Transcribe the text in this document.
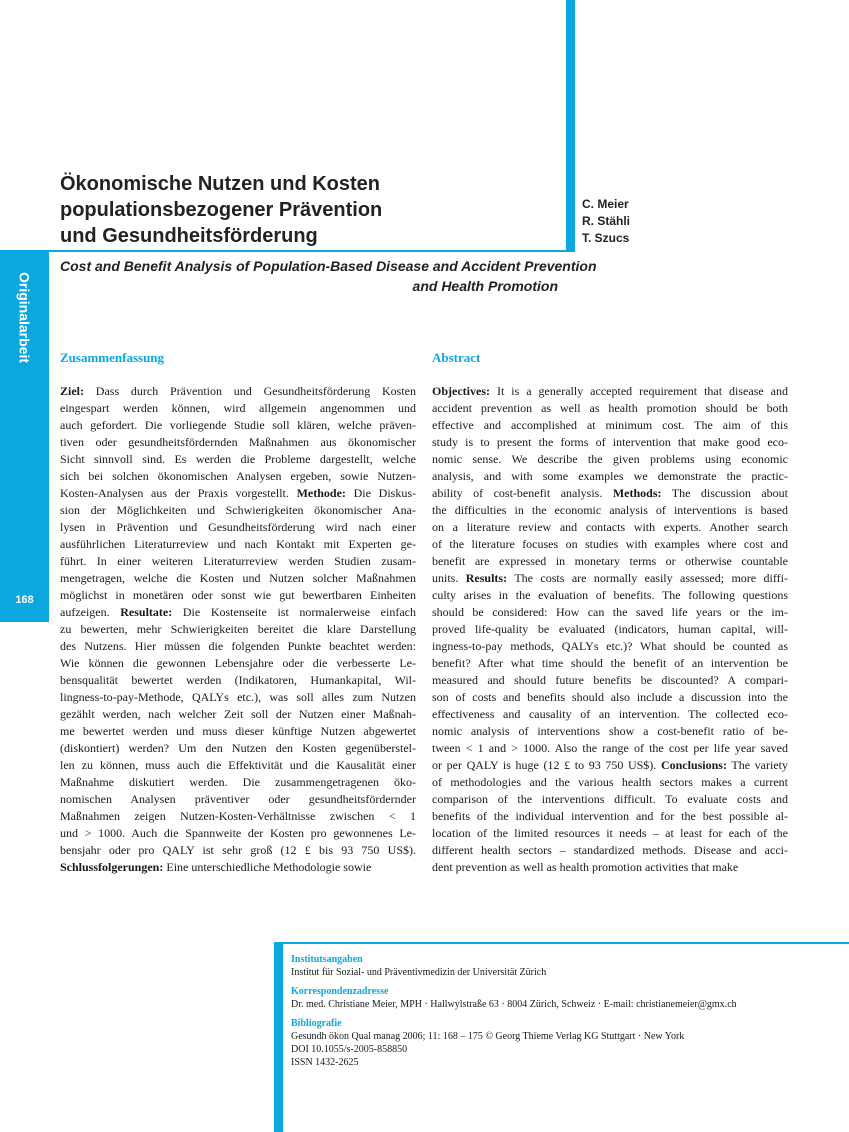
Originalarbeit
168
Ökonomische Nutzen und Kosten
populationsbezogener Prävention
und Gesundheitsförderung
C. Meier
R. Stähli
T. Szucs
Cost and Benefit Analysis of Population-Based Disease and Accident Prevention
and Health Promotion
Zusammenfassung	Abstract
Ziel: Dass durch Prävention und Gesundheitsförderung Kosten
eingespart werden können, wird allgemein angenommen und
auch gefordert. Die vorliegende Studie soll klären, welche präven-
tiven oder gesundheitsfördernden Maßnahmen aus ökonomischer
Sicht sinnvoll sind. Es werden die Probleme dargestellt, welche
sich bei solchen ökonomischen Analysen ergeben, sowie Nutzen-
Kosten-Analysen aus der Praxis vorgestellt. Methode: Die Diskus-
sion der Möglichkeiten und Schwierigkeiten ökonomischer Ana-
lysen in Prävention und Gesundheitsförderung wird nach einer
ausführlichen Literaturreview und nach Kontakt mit Experten ge-
führt. In einer weiteren Literaturreview werden Studien zusam-
mengetragen, welche die Kosten und Nutzen solcher Maßnahmen
möglichst in monetären oder sonst wie gut bewertbaren Einheiten
aufzeigen. Resultate: Die Kostenseite ist normalerweise einfach
zu bewerten, mehr Schwierigkeiten bereitet die klare Darstellung
des Nutzens. Hier müssen die folgenden Punkte beachtet werden:
Wie können die gewonnen Lebensjahre oder die verbesserte Le-
bensqualität bewertet werden (Indikatoren, Humankapital, Wil-
lingness-to-pay-Methode, QALYs etc.), was soll alles zum Nutzen
gezählt werden, nach welcher Zeit soll der Nutzen einer Maßnah-
me bewertet werden und muss dieser künftige Nutzen abgewertet
(diskontiert) werden? Um den Nutzen den Kosten gegenüberstel-
len zu können, muss auch die Effektivität und die Kausalität einer
Maßnahme diskutiert werden. Die zusammengetragenen öko-
nomischen Analysen präventiver oder gesundheitsfördernder
Maßnahmen zeigen Nutzen-Kosten-Verhältnisse zwischen < 1
und > 1000. Auch die Spannweite der Kosten pro gewonnenes Le-
bensjahr oder pro QALY ist sehr groß (12 £ bis 93 750 US$).
Schlussfolgerungen: Eine unterschiedliche Methodologie sowie
Objectives: It is a generally accepted requirement that disease and
accident prevention as well as health promotion should be both
effective and accomplished at minimum cost. The aim of this
study is to present the forms of intervention that make good eco-
nomic sense. We describe the given problems using economic
analysis, and with some examples we demonstrate the practic-
ability of cost-benefit analysis. Methods: The discussion about
the difficulties in the economic analysis of interventions is based
on a literature review and contacts with experts. Another search
of the literature focuses on studies with examples where cost and
benefit are expressed in monetary terms or otherwise countable
units. Results: The costs are normally easily assessed; more diffi-
culty arises in the evaluation of benefits. The following questions
should be considered: How can the saved life years or the im-
proved life-quality be evaluated (indicators, human capital, will-
ingness-to-pay methods, QALYs etc.)? What should be counted as
benefit? After what time should the benefit of an intervention be
measured and should future benefits be discounted? A compari-
son of costs and benefits should also include a discussion into the
effectiveness and causality of an intervention. The collected eco-
nomic analysis of interventions show a cost-benefit ratio of be-
tween < 1 and > 1000. Also the range of the cost per life year saved
or per QALY is huge (12 £ to 93 750 US$). Conclusions: The variety
of methodologies and the various health sectors makes a current
comparison of the interventions difficult. To evaluate costs and
benefits of the individual intervention and for the best possible al-
location of the limited resources it needs – at least for each of the
different health sectors – standardized methods. Disease and acci-
dent prevention as well as health promotion activities that make
Institutsangaben
Institut für Sozial- und Präventivmedizin der Universität Zürich
Korrespondenzadresse
Dr. med. Christiane Meier, MPH · Hallwylstraße 63 · 8004 Zürich, Schweiz · E-mail: christianemeier@gmx.ch
Bibliografie
Gesundh ökon Qual manag 2006; 11: 168 – 175 © Georg Thieme Verlag KG Stuttgart · New York
DOI 10.1055/s-2005-858850
ISSN 1432-2625
